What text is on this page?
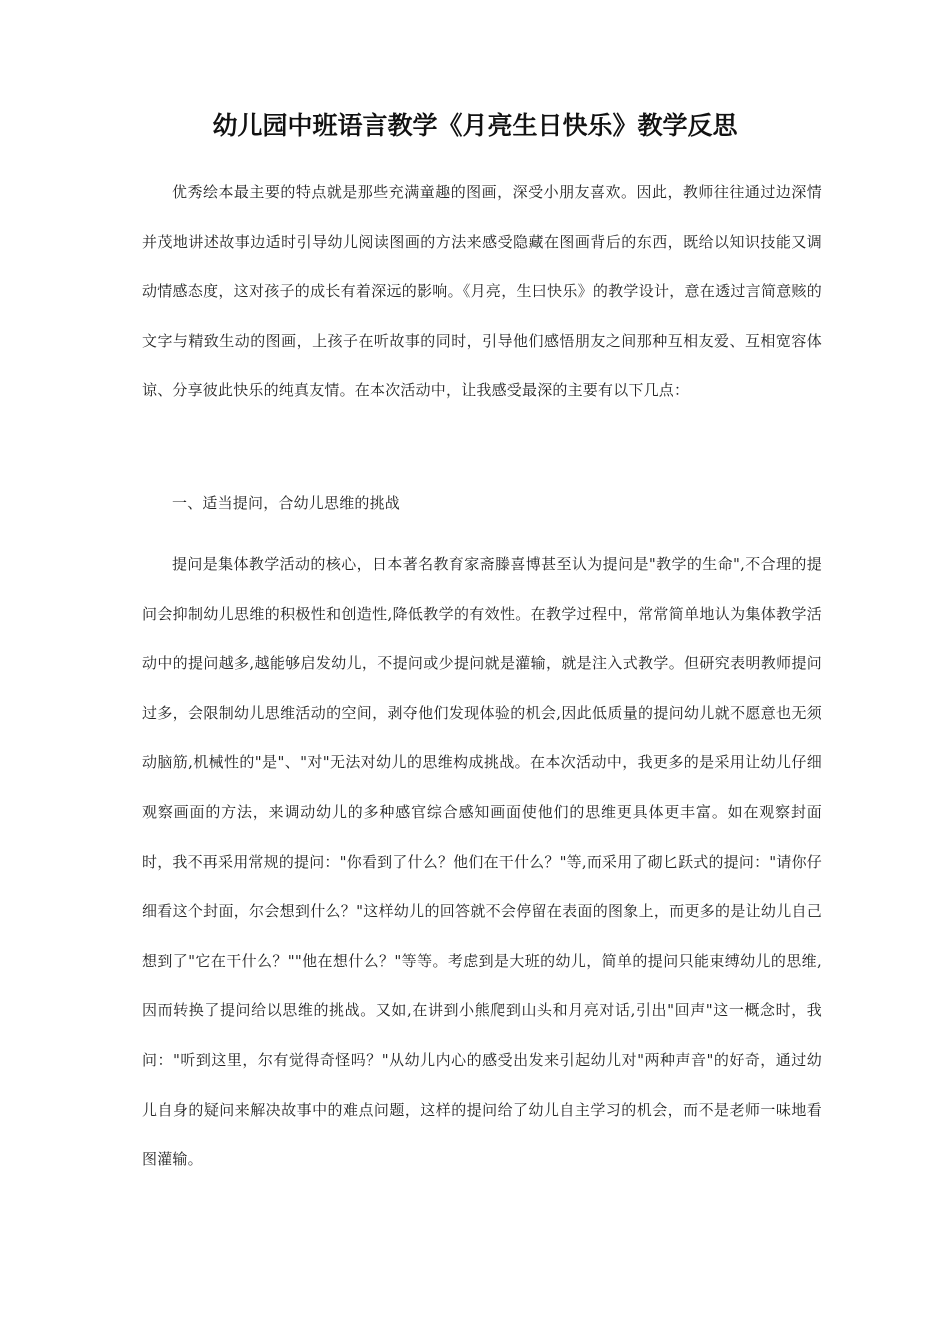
幼儿园中班语言教学《月亮生日快乐》教学反思

优秀绘本最主要的特点就是那些充满童趣的图画，深受小朋友喜欢。因此，教师往往通过边深情并茂地讲述故事边适时引导幼儿阅读图画的方法来感受隐藏在图画背后的东西，既给以知识技能又调动情感态度，这对孩子的成长有着深远的影响。《月亮，生曰快乐》的教学设计，意在透过言简意赅的文字与精致生动的图画，上孩子在听故事的同时，引导他们感悟朋友之间那种互相友爱、互相宽容体谅、分享彼此快乐的纯真友情。在本次活动中，让我感受最深的主要有以下几点：

一、适当提问，合幼儿思维的挑战

提问是集体教学活动的核心，日本著名教育家斋滕喜博甚至认为提问是"教学的生命",不合理的提问会抑制幼儿思维的积极性和创造性,降低教学的有效性。在教学过程中，常常简单地认为集体教学活动中的提问越多,越能够启发幼儿，不提问或少提问就是灌输，就是注入式教学。但研究表明教师提问过多，会限制幼儿思维活动的空间，剥夺他们发现体验的机会,因此低质量的提问幼儿就不愿意也无须动脑筋,机械性的"是"、"对"无法对幼儿的思维构成挑战。在本次活动中，我更多的是采用让幼儿仔细观察画面的方法，来调动幼儿的多种感官综合感知画面使他们的思维更具体更丰富。如在观察封面时，我不再采用常规的提问："你看到了什么？他们在干什么？"等,而采用了砌匕跃式的提问："请你仔细看这个封面，尔会想到什么？"这样幼儿的回答就不会停留在表面的图象上，而更多的是让幼儿自己想到了"它在干什么？""他在想什么？"等等。考虑到是大班的幼儿，简单的提问只能束缚幼儿的思维,因而转换了提问给以思维的挑战。又如,在讲到小熊爬到山头和月亮对话,引出"回声"这一概念时，我问："听到这里，尔有觉得奇怪吗？"从幼儿内心的感受出发来引起幼儿对"两种声音"的好奇，通过幼儿自身的疑问来解决故事中的难点问题，这样的提问给了幼儿自主学习的机会，而不是老师一味地看图灌输。
